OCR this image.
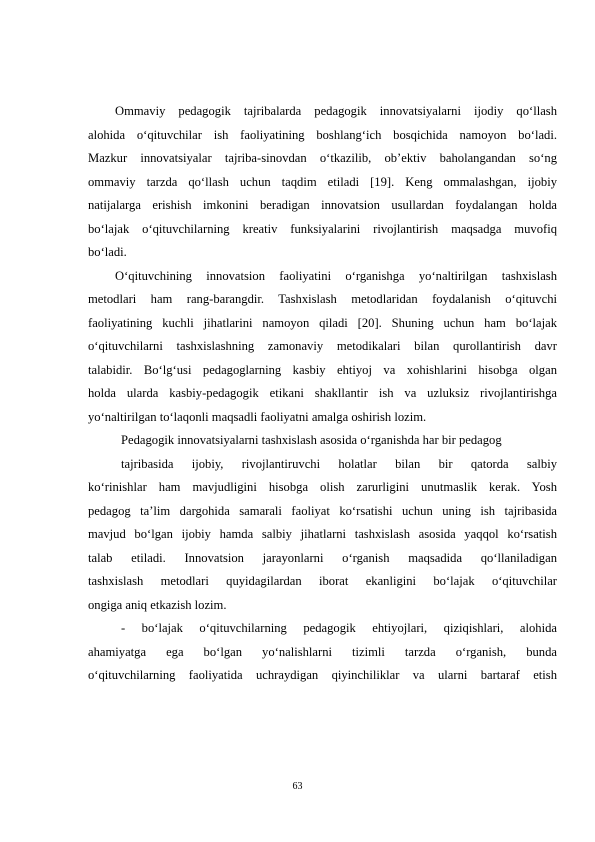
Ommaviy pedagogik tajribalarda pedagogik innovatsiyalarni ijodiy qo‘llash
alohida o‘qituvchilar ish faoliyatining boshlang‘ich bosqichida namoyon bo‘ladi.
Mazkur innovatsiyalar tajriba-sinovdan o‘tkazilib, ob’ektiv baholangandan so‘ng
ommaviy tarzda qo‘llash uchun taqdim etiladi [19]. Keng ommalashgan, ijobiy
natijalarga erishish imkonini beradigan innovatsion usullardan foydalangan holda
bo‘lajak o‘qituvchilarning kreativ funksiyalarini rivojlantirish maqsadga muvofiq
bo‘ladi.
O‘qituvchining innovatsion faoliyatini o‘rganishga yo‘naltirilgan tashxislash
metodlari ham rang-barangdir. Tashxislash metodlaridan foydalanish o‘qituvchi
faoliyatining kuchli jihatlarini namoyon qiladi [20]. Shuning uchun ham bo‘lajak
o‘qituvchilarni tashxislashning zamonaviy metodikalari bilan qurollantirish davr
talabidir. Bo‘lg‘usi pedagoglarning kasbiy ehtiyoj va xohishlarini hisobga olgan
holda ularda kasbiy-pedagogik etikani shakllantir ish va uzluksiz rivojlantirishga
yo‘naltirilgan to‘laqonli maqsadli faoliyatni amalga oshirish lozim.
Pedagogik innovatsiyalarni tashxislash asosida o‘rganishda har bir pedagog
tajribasida ijobiy, rivojlantiruvchi holatlar bilan bir qatorda salbiy
ko‘rinishlar ham mavjudligini hisobga olish zarurligini unutmaslik kerak. Yosh
pedagog ta’lim dargohida samarali faoliyat ko‘rsatishi uchun uning ish tajribasida
mavjud bo‘lgan ijobiy hamda salbiy jihatlarni tashxislash asosida yaqqol ko‘rsatish
talab etiladi. Innovatsion jarayonlarni o‘rganish maqsadida qo‘llaniladigan
tashxislash metodlari quyidagilardan iborat ekanligini bo‘lajak o‘qituvchilar
ongiga aniq etkazish lozim.
- bo‘lajak o‘qituvchilarning pedagogik ehtiyojlari, qiziqishlari, alohida
ahamiyatga ega bo‘lgan yo‘nalishlarni tizimli tarzda o‘rganish, bunda
o‘qituvchilarning faoliyatida uchraydigan qiyinchiliklar va ularni bartaraf etish
63
